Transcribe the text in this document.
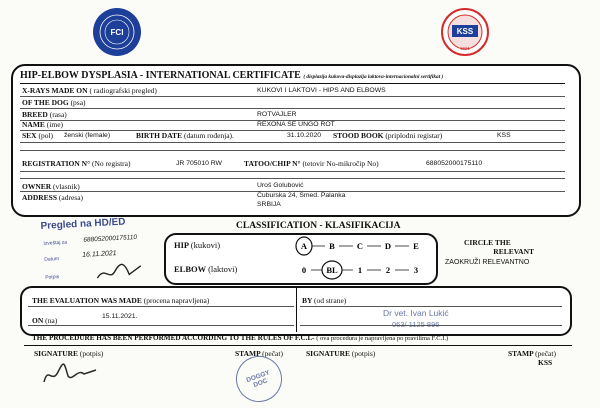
FCI	KSS
1921
HIP-ELBOW DYSPLASIA - INTERNATIONAL CERTIFICATE ( displazija kukova-displazija laktova-internacionalni sertifikat )
X-RAYS MADE ON ( radiografski pregled)	KUKOVI I LAKTOVI - HIPS AND ELBOWS
OF THE DOG (psa)
BREED (rasa)	ROTVAJLER
NAME (ime)	REXONA SE UNGO ROT
SEX (pol) ženski (female)	BIRTH DATE (datum rođenja).	31.10.2020 STOOD BOOK (priplodni registar)	KSS
REGISTRATION N° (No registra)	JR 705010 RW	TATOO/CHIP N° (tetovir No-mikročip No)	688052000175110
OWNER (vlasnik)	Uroš Golubović
ADDRESS (adresa)	Čuburska 24, Smed. Palanka
SRBIJA
Pregled na HD/ED
Izveštaj za 688052000175110
Datum
16.11.2021
Potpis
CLASSIFICATION - KLASIFIKACIJA
HIP (kukovi)
ELBOW (laktovi)
A	B	C	D	E
0 BL 1	2	3
CIRCLE THE
RELEVANT
ZAOKRUŽI RELEVANTNO
THE EVALUATION WAS MADE (procena napravljena)
ON (na)	15.11.2021.
BY (od strane)
Dr vet. Ivan Lukić
063/ 1125 896
THE PROCEDURE HAS BEEN PERFORMED ACCORDING TO THE RULES OF F.C.I.- ( ova procedura je napravljena po pravilima F.C.I.)
SIGNATURE (potpis)	STAMP (pečat)	SIGNATURE (potpis)	STAMP (pečat)
KSS
DOGGY DOC
